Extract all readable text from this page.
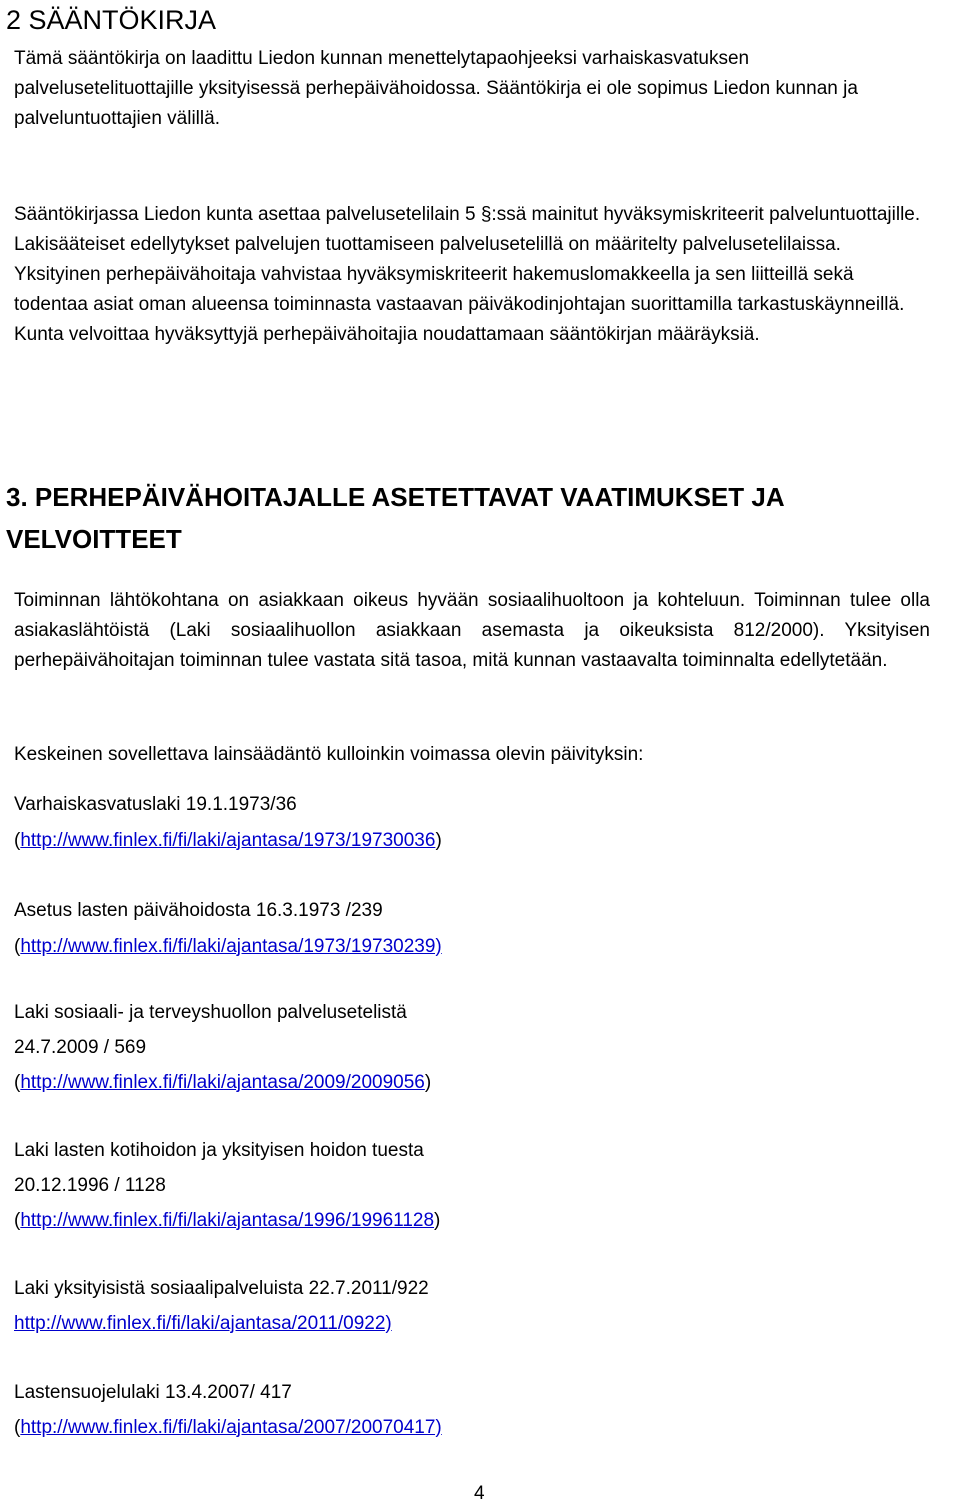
2 SÄÄNTÖKIRJA

Tämä sääntökirja on laadittu Liedon kunnan menettelytapaohjeeksi varhaiskasvatuksen palvelusetelituottajille yksityisessä perhepäivähoidossa. Sääntökirja ei ole sopimus Liedon kunnan ja palveluntuottajien välillä.

Sääntökirjassa Liedon kunta asettaa palvelusetelilain 5 §:ssä mainitut hyväksymiskriteerit palveluntuottajille. Lakisääteiset edellytykset palvelujen tuottamiseen palvelusetelillä on määritelty palvelusetelilaissa. Yksityinen perhepäivähoitaja vahvistaa hyväksymiskriteerit hakemuslomakkeella ja sen liitteillä sekä todentaa asiat oman alueensa toiminnasta vastaavan päiväkodinjohtajan suorittamilla tarkastuskäynneillä. Kunta velvoittaa hyväksyttyjä perhepäivähoitajia noudattamaan sääntökirjan määräyksiä.

3. PERHEPÄIVÄHOITAJALLE ASETETTAVAT VAATIMUKSET JA VELVOITTEET

Toiminnan lähtökohtana on asiakkaan oikeus hyvään sosiaalihuoltoon ja kohteluun. Toiminnan tulee olla asiakaslähtöistä (Laki sosiaalihuollon asiakkaan asemasta ja oikeuksista 812/2000). Yksityisen perhepäivähoitajan toiminnan tulee vastata sitä tasoa, mitä kunnan vastaavalta toiminnalta edellytetään.

Keskeinen sovellettava lainsäädäntö kulloinkin voimassa olevin päivityksin:
Varhaiskasvatuslaki 19.1.1973/36
(http://www.finlex.fi/fi/laki/ajantasa/1973/19730036)
Asetus lasten päivähoidosta 16.3.1973 /239
(http://www.finlex.fi/fi/laki/ajantasa/1973/19730239)
Laki sosiaali- ja terveyshuollon palvelusetelistä
24.7.2009 / 569
(http://www.finlex.fi/fi/laki/ajantasa/2009/2009056)
Laki lasten kotihoidon ja yksityisen hoidon tuesta
20.12.1996 / 1128
(http://www.finlex.fi/fi/laki/ajantasa/1996/19961128)
Laki yksityisistä sosiaalipalveluista 22.7.2011/922
http://www.finlex.fi/fi/laki/ajantasa/2011/0922)
Lastensuojelulaki 13.4.2007/ 417
(http://www.finlex.fi/fi/laki/ajantasa/2007/20070417)
4
